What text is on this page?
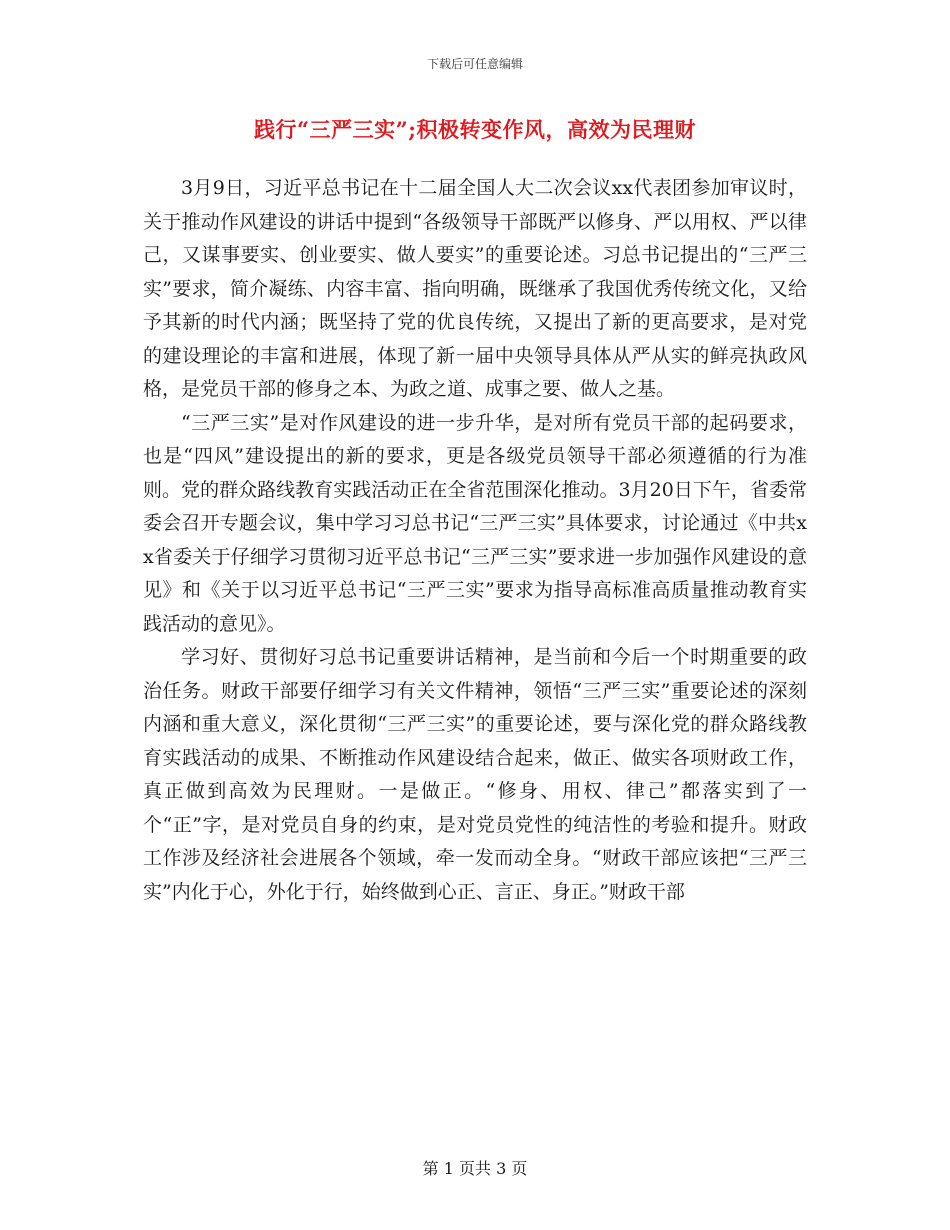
下载后可任意编辑
践行“三严三实”;积极转变作风，高效为民理财

3月9日，习近平总书记在十二届全国人大二次会议xx代表团参加审议时，关于推动作风建设的讲话中提到“各级领导干部既严以修身、严以用权、严以律己，又谋事要实、创业要实、做人要实”的重要论述。习总书记提出的“三严三实”要求，简介凝练、内容丰富、指向明确，既继承了我国优秀传统文化，又给予其新的时代内涵；既坚持了党的优良传统，又提出了新的更高要求，是对党的建设理论的丰富和进展，体现了新一届中央领导具体从严从实的鲜亮执政风格，是党员干部的修身之本、为政之道、成事之要、做人之基。

“三严三实”是对作风建设的进一步升华，是对所有党员干部的起码要求，也是“四风”建设提出的新的要求，更是各级党员领导干部必须遵循的行为准则。党的群众路线教育实践活动正在全省范围深化推动。3月20日下午，省委常委会召开专题会议，集中学习习总书记“三严三实”具体要求，讨论通过《中共xx省委关于仔细学习贯彻习近平总书记“三严三实”要求进一步加强作风建设的意见》和《关于以习近平总书记“三严三实”要求为指导高标准高质量推动教育实践活动的意见》。

学习好、贯彻好习总书记重要讲话精神，是当前和今后一个时期重要的政治任务。财政干部要仔细学习有关文件精神，领悟“三严三实”重要论述的深刻内涵和重大意义，深化贯彻“三严三实”的重要论述，要与深化党的群众路线教育实践活动的成果、不断推动作风建设结合起来，做正、做实各项财政工作，真正做到高效为民理财。一是做正。“修身、用权、律己”都落实到了一个“正”字，是对党员自身的约束，是对党员党性的纯洁性的考验和提升。财政工作涉及经济社会进展各个领域，牵一发而动全身。“财政干部应该把“三严三实”内化于心，外化于行，始终做到心正、言正、身正。”财政干部

第 1 页共 3 页
